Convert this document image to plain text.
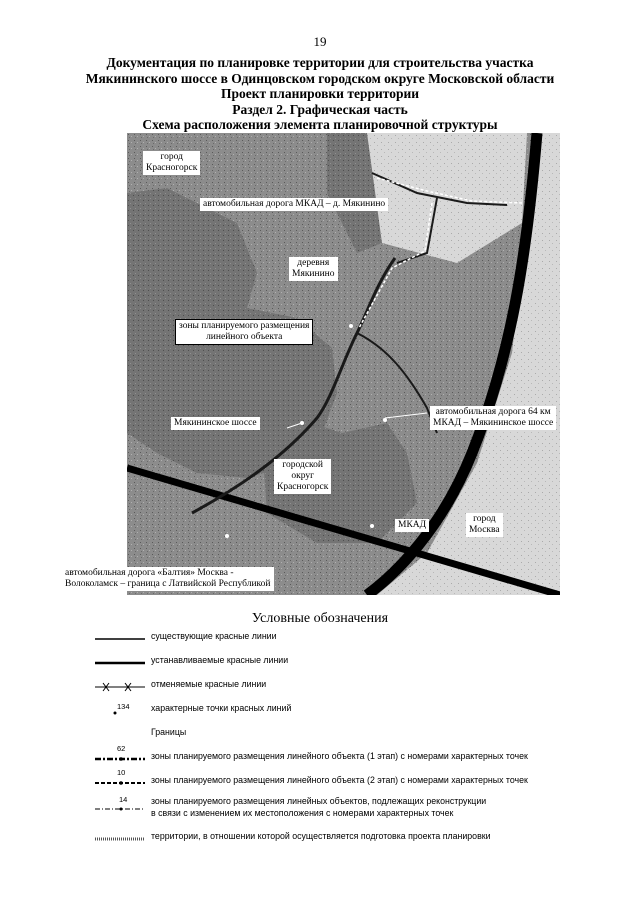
19
Документация по планировке территории для строительства участка
Мякининского шоссе в Одинцовском городском округе Московской области
Проект планировки территории
Раздел 2. Графическая часть
Схема расположения элемента планировочной структуры
город
Красногорск
автомобильная дорога МКАД – д. Мякинино
деревня
Мякинино
зоны планируемого размещения
линейного объекта
Мякининское шоссе
автомобильная дорога 64 км
МКАД – Мякининское шоссе
городской
округ
Красногорск
МКАД
город
Москва
автомобильная дорога «Балтия» Москва -
Волоколамск – граница с Латвийской Республикой
Условные обозначения
существующие красные линии
устанавливаемые красные линии
отменяемые красные линии
134 характерные точки красных линий
Границы
62
зоны планируемого размещения линейного объекта (1 этап) с номерами характерных точек
10
зоны планируемого размещения линейного объекта (2 этап) с номерами характерных точек
14	зоны планируемого размещения линейных объектов, подлежащих реконструкции
в связи с изменением их местоположения с номерами характерных точек
территории, в отношении которой осуществляется подготовка проекта планировки
